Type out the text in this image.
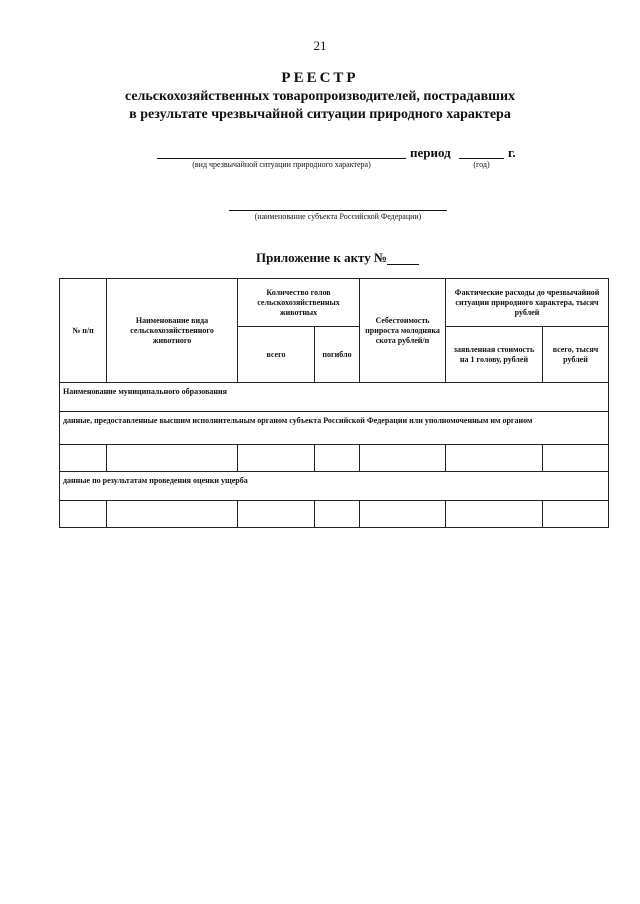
21
РЕЕСТР
сельскохозяйственных товаропроизводителей, пострадавших
в результате чрезвычайной ситуации природного характера
(вид чрезвычайной ситуации природного характера)
период	г.
(год)
(наименование субъекта Российской Федерации)
Приложение к акту №
№ п/п	Наименование вида сельскохозяйственного животного	Количество голов сельскохозяйственных животных		Себестоимость прироста молодняка скота рублей/п	Фактические расходы до чрезвычайной ситуации природного характера, тысяч рублей	
		всего	погибло		заявленная стоимость на 1 голову, рублей	всего, тысяч рублей
Наименование муниципального образования						
данные, предоставленные высшим исполнительным органом субъекта Российской Федерации или уполномоченным им органом						

данные по результатам проведения оценки ущерба						
